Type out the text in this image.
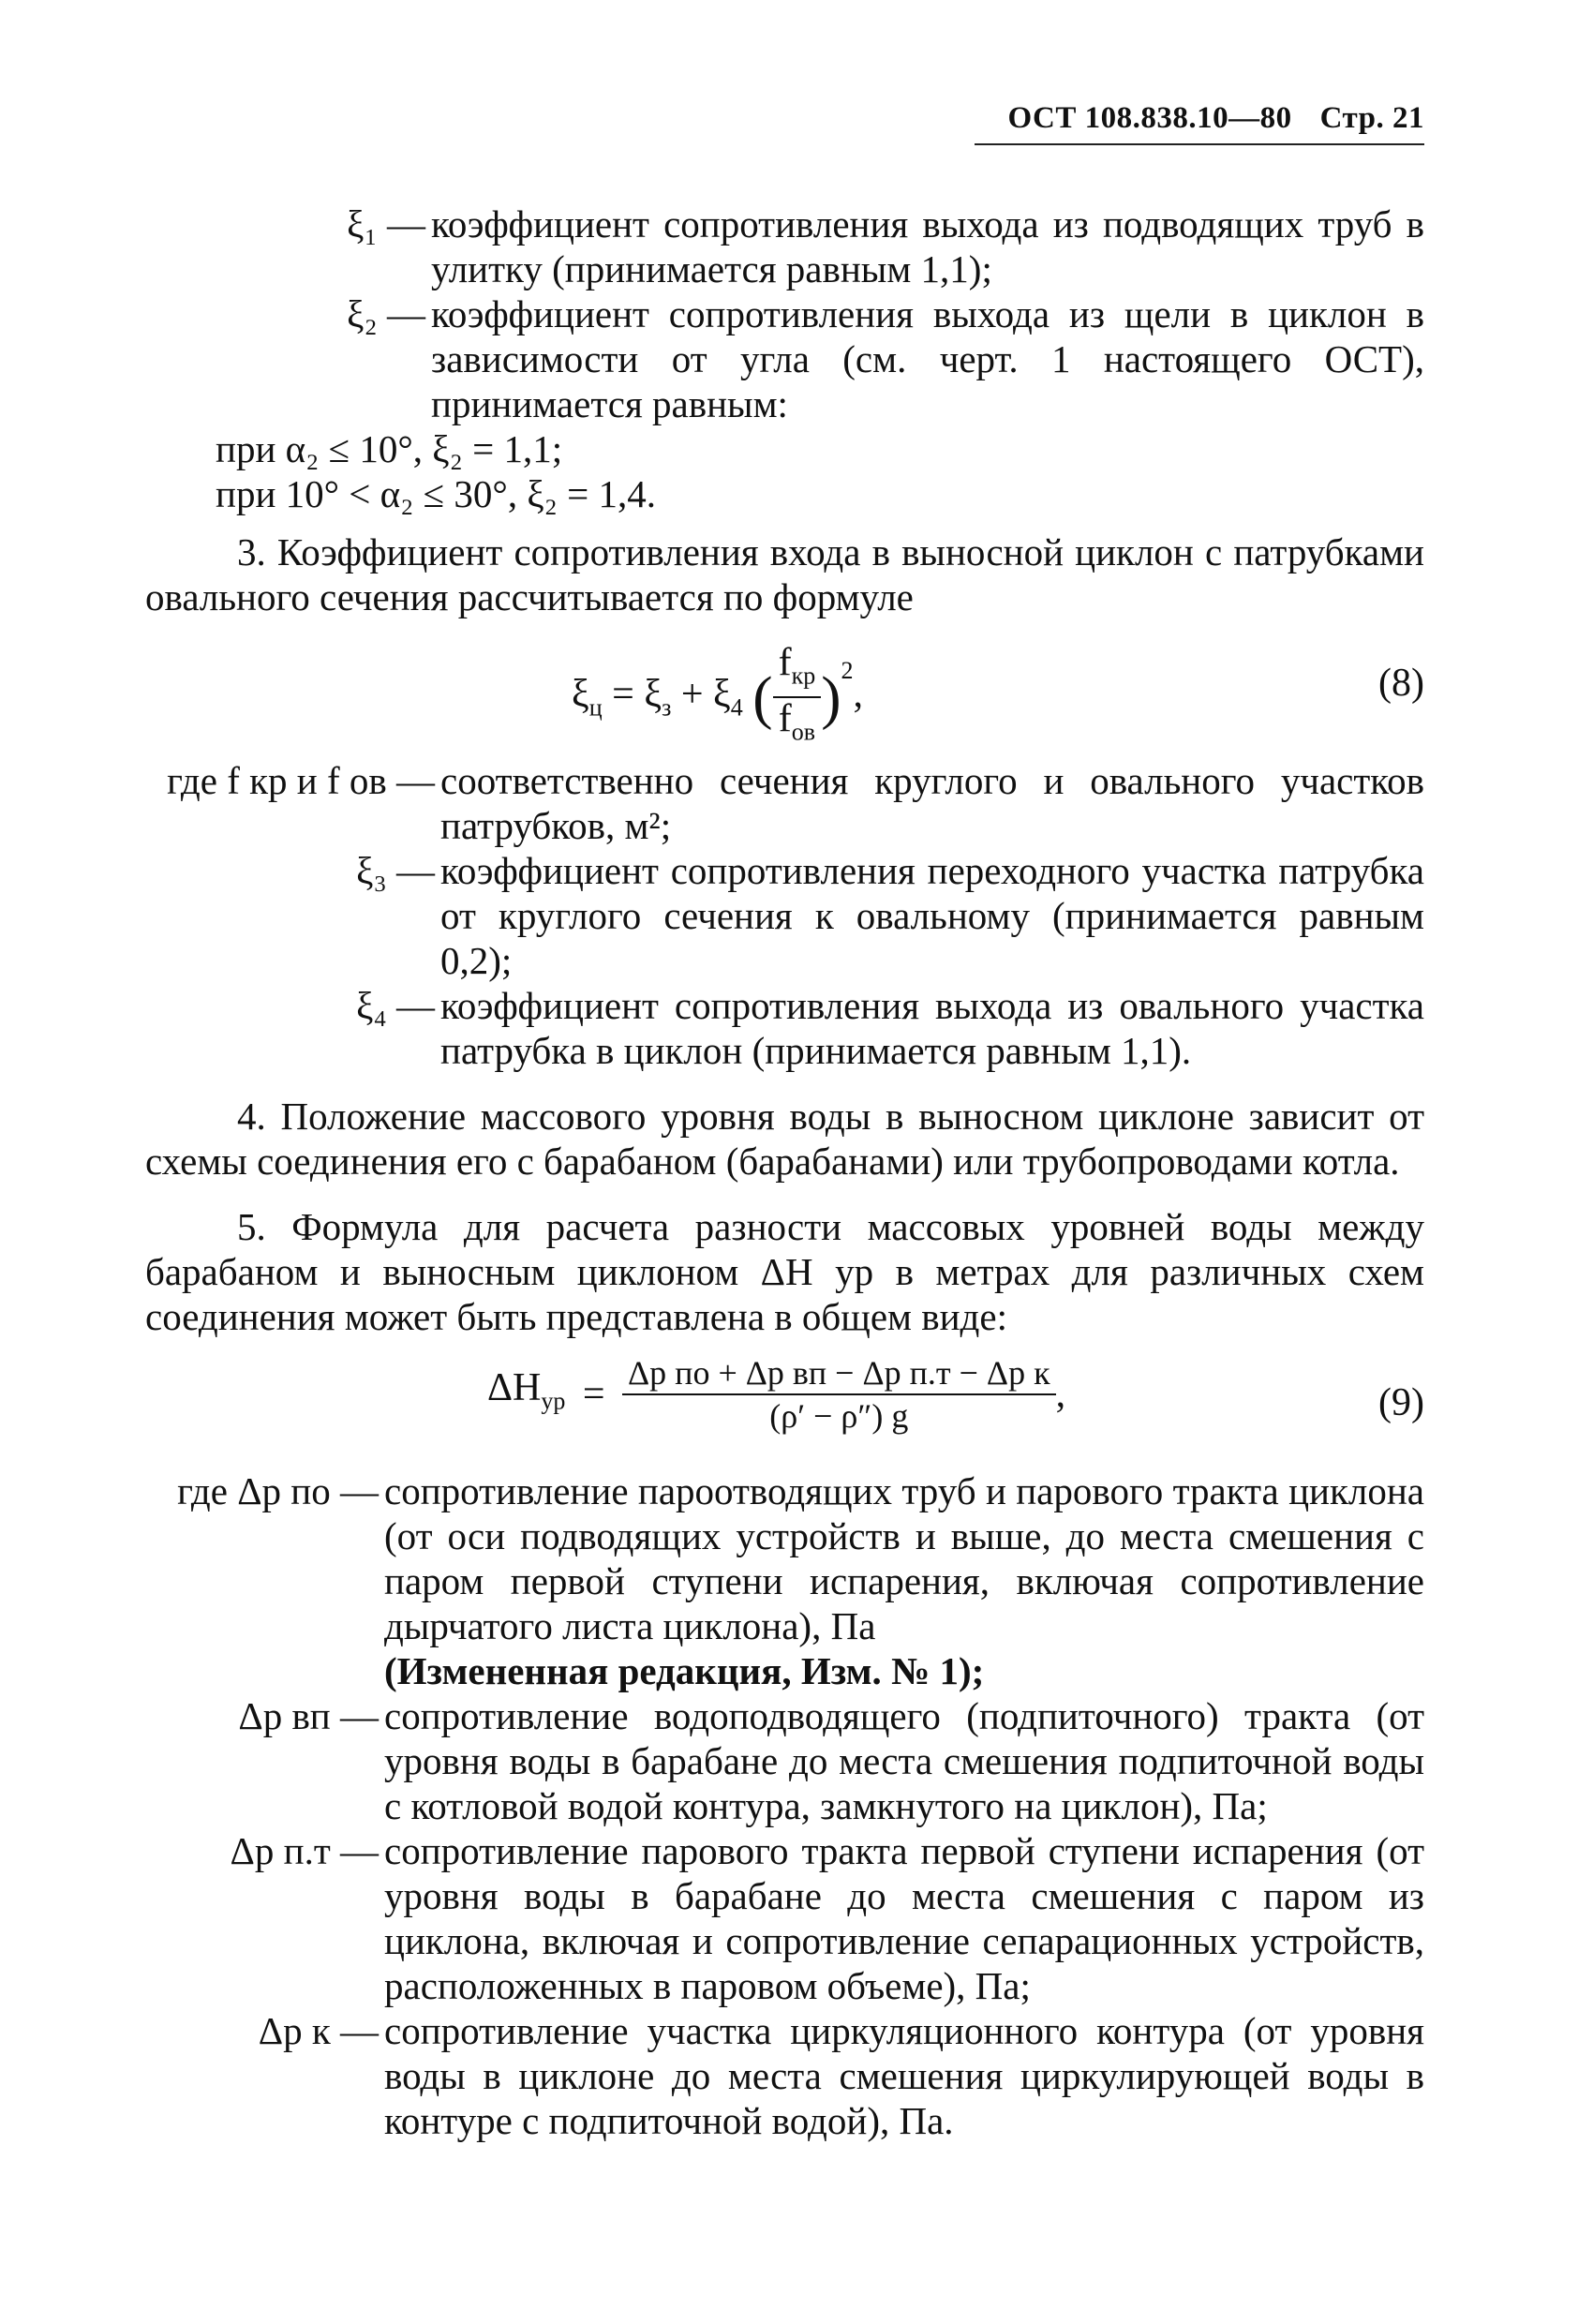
ОСТ 108.838.10—80 Стр. 21
ξ₁ — коэффициент сопротивления выхода из подводящих труб в улитку (принимается равным 1,1);
ξ₂ — коэффициент сопротивления выхода из щели в циклон в зависимости от угла (см. черт. 1 настоящего ОСТ), принимается равным:

при α₂ ≤ 10°, ξ₂ = 1,1;

при 10° < α₂ ≤ 30°, ξ₂ = 1,4.

3. Коэффициент сопротивления входа в выносной циклон с патрубками овального сечения рассчитывается по формуле

$\xi_ц = \xi_з + \xi_4$ ( $\frac{f_{кр}}{f_{ов}} )^2$,	(8)
где f кр и f ов — соответственно сечения круглого и овального участков патрубков, м²;
ξ₃ — коэффициент сопротивления переходного участка патрубка от круглого сечения к овальному (принимается равным 0,2);
ξ₄ — коэффициент сопротивления выхода из овального участка патрубка в циклон (принимается равным 1,1).

4. Положение массового уровня воды в выносном циклоне зависит от схемы соединения его с барабаном (барабанами) или трубопроводами котла.

5. Формула для расчета разности массовых уровней воды между барабаном и выносным циклоном ΔH ур в метрах для различных схем соединения может быть представлена в общем виде:

$\Delta H_{ур} = \frac{\text{Δp по + Δp вп − Δp п.т − Δp к}}{(\rho' - \rho'') g}$ ,	(9)
где Δp по — сопротивление пароотводящих труб и парового тракта циклона (от оси подводящих устройств и выше, до места смешения с паром первой ступени испарения, включая сопротивление дырчатого листа циклона), Па

(Измененная редакция, Изм. № 1);

Δp вп — сопротивление водоподводящего (подпиточного) тракта (от уровня воды в барабане до места смешения подпиточной воды с котловой водой контура, замкнутого на циклон), Па;
Δp п.т — сопротивление парового тракта первой ступени испарения (от уровня воды в барабане до места смешения с паром из циклона, включая и сопротивление сепарационных устройств, расположенных в паровом объеме), Па;
Δp к — сопротивление участка циркуляционного контура (от уровня воды в циклоне до места смешения циркулирующей воды в контуре с подпиточной водой), Па.
